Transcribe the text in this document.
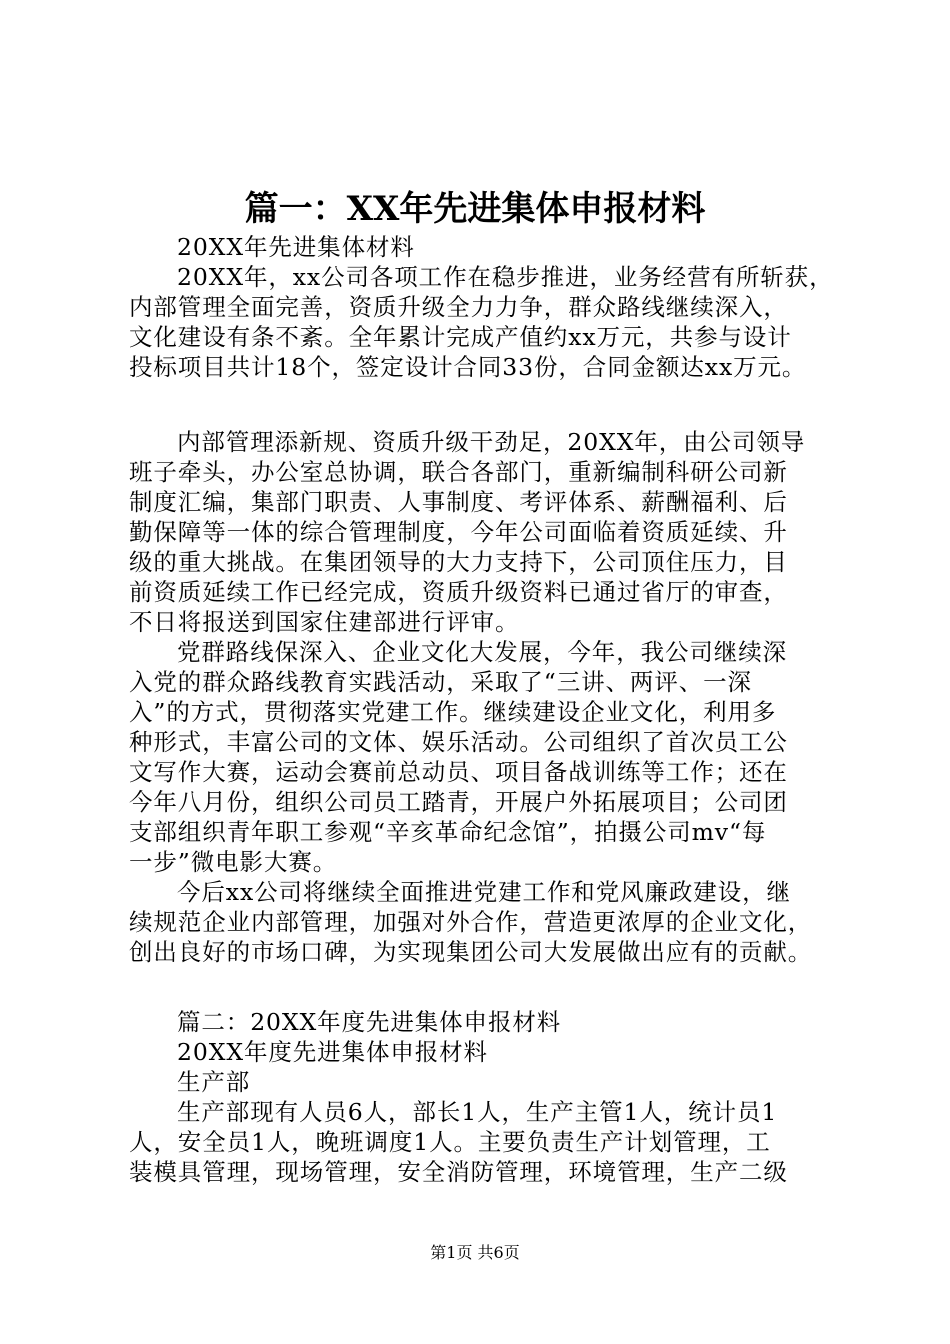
篇一：XX年先进集体申报材料
20XX年先进集体材料
20XX年，xx公司各项工作在稳步推进，业务经营有所斩获，
内部管理全面完善，资质升级全力力争，群众路线继续深入，
文化建设有条不紊。全年累计完成产值约xx万元，共参与设计
投标项目共计18个，签定设计合同33份，合同金额达xx万元。
内部管理添新规、资质升级干劲足，20XX年，由公司领导
班子牵头，办公室总协调，联合各部门，重新编制科研公司新
制度汇编，集部门职责、人事制度、考评体系、薪酬福利、后
勤保障等一体的综合管理制度，今年公司面临着资质延续、升
级的重大挑战。在集团领导的大力支持下，公司顶住压力，目
前资质延续工作已经完成，资质升级资料已通过省厅的审查，
不日将报送到国家住建部进行评审。
党群路线保深入、企业文化大发展，今年，我公司继续深
入党的群众路线教育实践活动，采取了“三讲、两评、一深
入”的方式，贯彻落实党建工作。继续建设企业文化，利用多
种形式，丰富公司的文体、娱乐活动。公司组织了首次员工公
文写作大赛，运动会赛前总动员、项目备战训练等工作；还在
今年八月份，组织公司员工踏青，开展户外拓展项目；公司团
支部组织青年职工参观“辛亥革命纪念馆”，拍摄公司mv“每
一步”微电影大赛。
今后xx公司将继续全面推进党建工作和党风廉政建设，继
续规范企业内部管理，加强对外合作，营造更浓厚的企业文化，
创出良好的市场口碑，为实现集团公司大发展做出应有的贡献。
篇二：20XX年度先进集体申报材料
20XX年度先进集体申报材料
生产部
生产部现有人员6人，部长1人，生产主管1人，统计员1
人，安全员1人，晚班调度1人。主要负责生产计划管理，工
装模具管理，现场管理，安全消防管理，环境管理，生产二级
第1页 共6页
